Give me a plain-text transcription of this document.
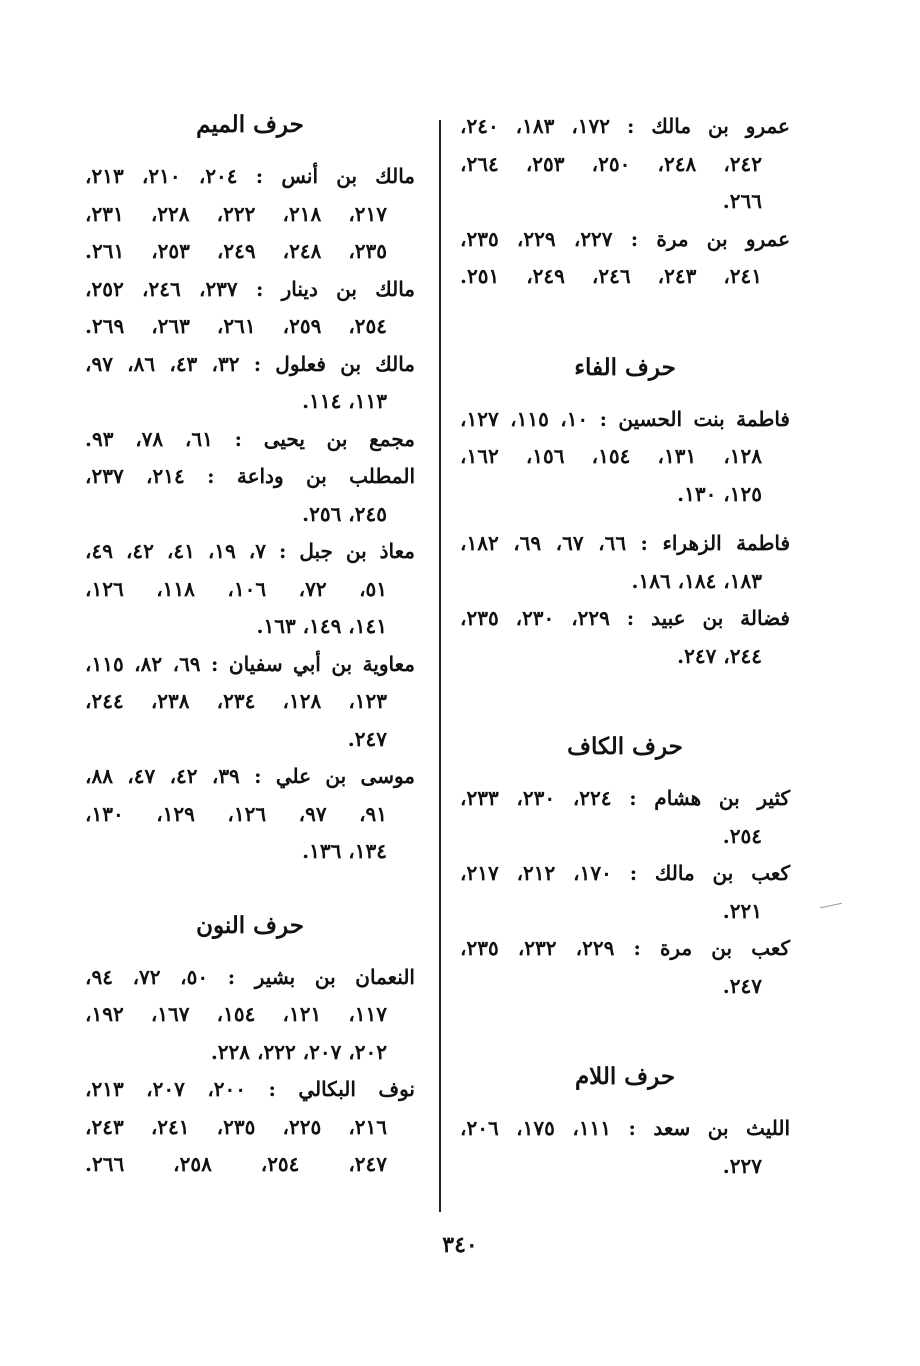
عمرو بن مالك : ١٧٢، ١٨٣، ٢٤٠،
٢٤٢، ٢٤٨، ٢٥٠، ٢٥٣، ٢٦٤،
٢٦٦.
عمرو بن مرة : ٢٢٧، ٢٢٩، ٢٣٥،
٢٤١، ٢٤٣، ٢٤٦، ٢٤٩، ٢٥١.
حرف الفاء
فاطمة بنت الحسين : ١٠، ١١٥، ١٢٧،
١٢٨، ١٣١، ١٥٤، ١٥٦، ١٦٢،
١٢٥، ١٣٠.
فاطمة الزهراء : ٦٦، ٦٧، ٦٩، ١٨٢،
١٨٣، ١٨٤، ١٨٦.
فضالة بن عبيد : ٢٢٩، ٢٣٠، ٢٣٥،
٢٤٤، ٢٤٧.
حرف الكاف
كثير بن هشام : ٢٢٤، ٢٣٠، ٢٣٣،
٢٥٤.
كعب بن مالك : ١٧٠، ٢١٢، ٢١٧،
٢٢١.
كعب بن مرة : ٢٢٩، ٢٣٢، ٢٣٥،
٢٤٧.
حرف اللام
الليث بن سعد : ١١١، ١٧٥، ٢٠٦،
٢٢٧.
حرف الميم
مالك بن أنس : ٢٠٤، ٢١٠، ٢١٣،
٢١٧، ٢١٨، ٢٢٢، ٢٢٨، ٢٣١،
٢٣٥، ٢٤٨، ٢٤٩، ٢٥٣، ٢٦١.
مالك بن دينار : ٢٣٧، ٢٤٦، ٢٥٢،
٢٥٤، ٢٥٩، ٢٦١، ٢٦٣، ٢٦٩.
مالك بن فعلول : ٣٢، ٤٣، ٨٦، ٩٧،
١١٣، ١١٤.
مجمع بن يحيى : ٦١، ٧٨، ٩٣.
المطلب بن وداعة : ٢١٤، ٢٣٧،
٢٤٥، ٢٥٦.
معاذ بن جبل : ٧، ١٩، ٤١، ٤٢، ٤٩،
٥١، ٧٢، ١٠٦، ١١٨، ١٢٦،
١٤١، ١٤٩، ١٦٣.
معاوية بن أبي سفيان : ٦٩، ٨٢، ١١٥،
١٢٣، ١٢٨، ٢٣٤، ٢٣٨، ٢٤٤،
٢٤٧.
موسى بن علي : ٣٩، ٤٢، ٤٧، ٨٨،
٩١، ٩٧، ١٢٦، ١٢٩، ١٣٠،
١٣٤، ١٣٦.
حرف النون
النعمان بن بشير : ٥٠، ٧٢، ٩٤،
١١٧، ١٢١، ١٥٤، ١٦٧، ١٩٢،
٢٠٢، ٢٠٧، ٢٢٢، ٢٢٨.
نوف البكالي : ٢٠٠، ٢٠٧، ٢١٣،
٢١٦، ٢٢٥، ٢٣٥، ٢٤١، ٢٤٣،
٢٤٧، ٢٥٤، ٢٥٨، ٢٦٦.
٣٤٠
